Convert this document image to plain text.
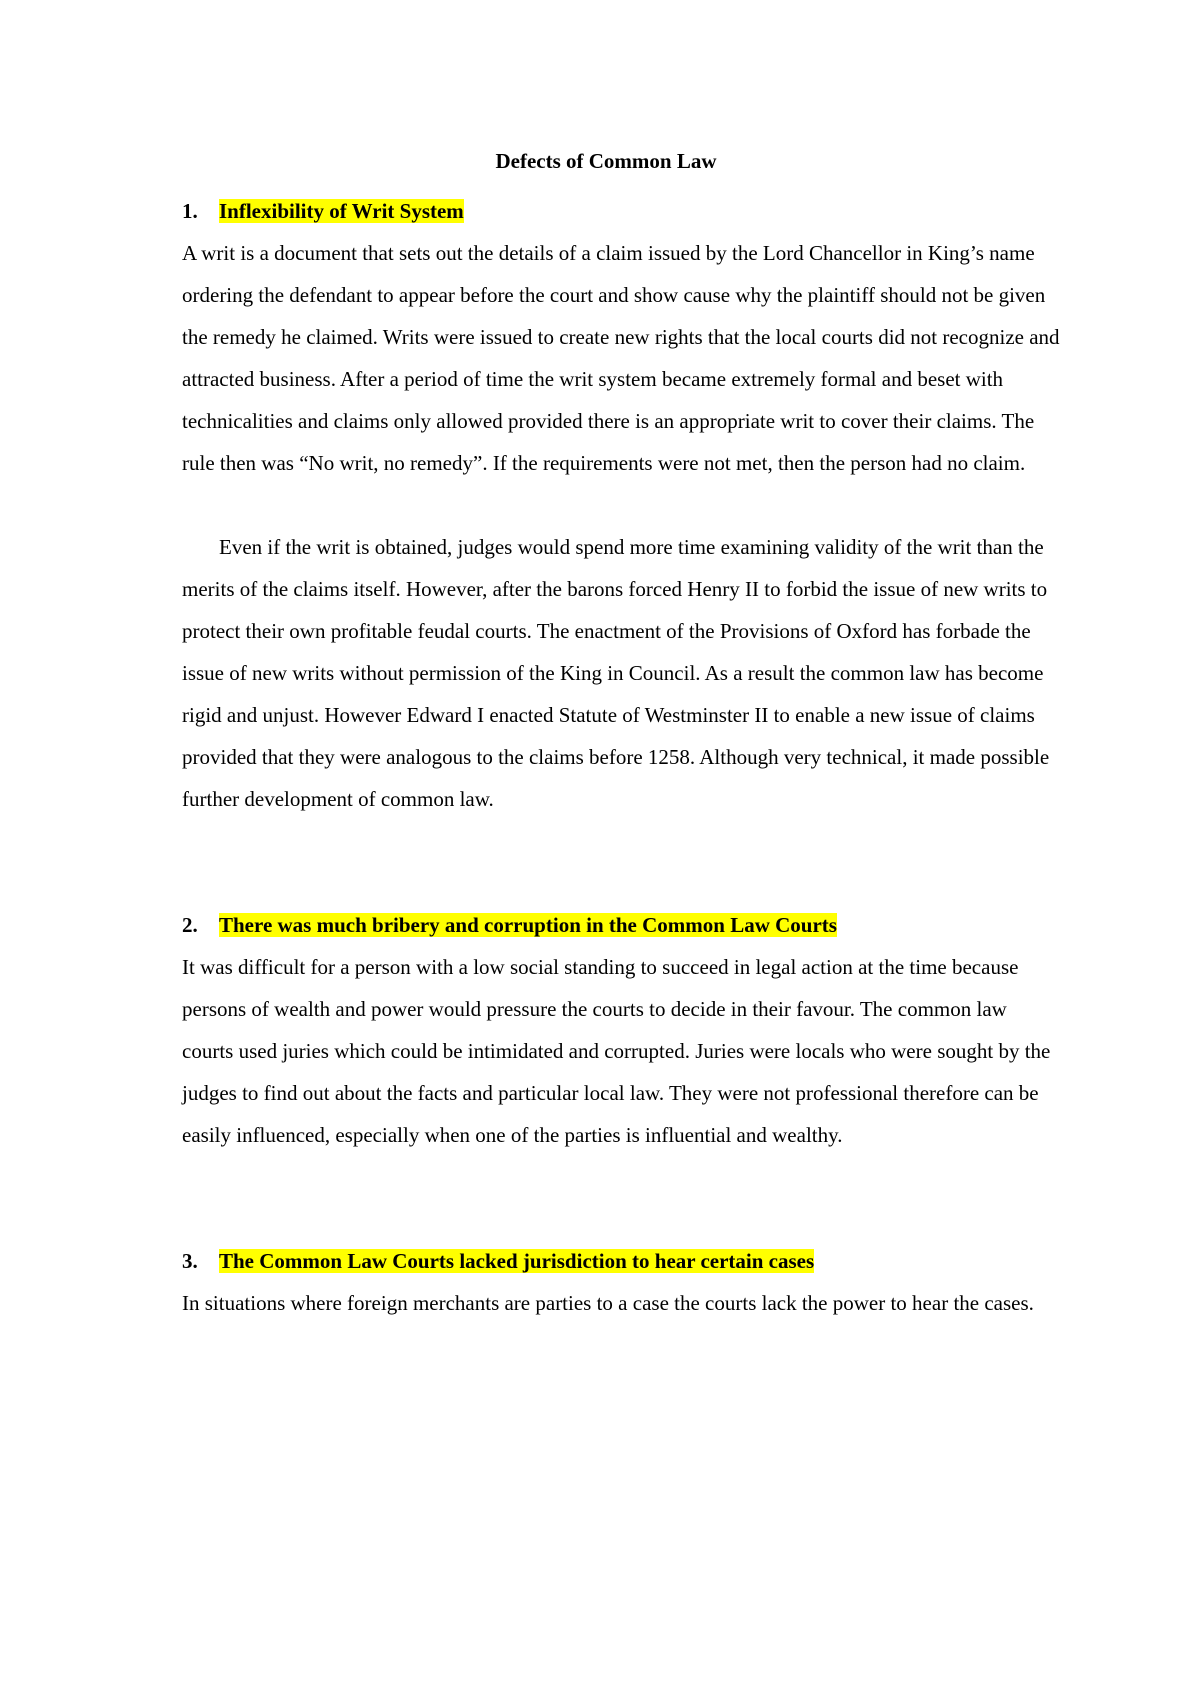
Defects of Common Law
1. Inflexibility of Writ System

A writ is a document that sets out the details of a claim issued by the Lord Chancellor in King’s name ordering the defendant to appear before the court and show cause why the plaintiff should not be given the remedy he claimed. Writs were issued to create new rights that the local courts did not recognize and attracted business. After a period of time the writ system became extremely formal and beset with technicalities and claims only allowed provided there is an appropriate writ to cover their claims. The rule then was “No writ, no remedy”. If the requirements were not met, then the person had no claim.

Even if the writ is obtained, judges would spend more time examining validity of the writ than the merits of the claims itself. However, after the barons forced Henry II to forbid the issue of new writs to protect their own profitable feudal courts. The enactment of the Provisions of Oxford has forbade the issue of new writs without permission of the King in Council. As a result the common law has become rigid and unjust. However Edward I enacted Statute of Westminster II to enable a new issue of claims provided that they were analogous to the claims before 1258. Although very technical, it made possible further development of common law.

2. There was much bribery and corruption in the Common Law Courts

It was difficult for a person with a low social standing to succeed in legal action at the time because persons of wealth and power would pressure the courts to decide in their favour. The common law courts used juries which could be intimidated and corrupted. Juries were locals who were sought by the judges to find out about the facts and particular local law. They were not professional therefore can be easily influenced, especially when one of the parties is influential and wealthy.

3. The Common Law Courts lacked jurisdiction to hear certain cases

In situations where foreign merchants are parties to a case the courts lack the power to hear the cases.
